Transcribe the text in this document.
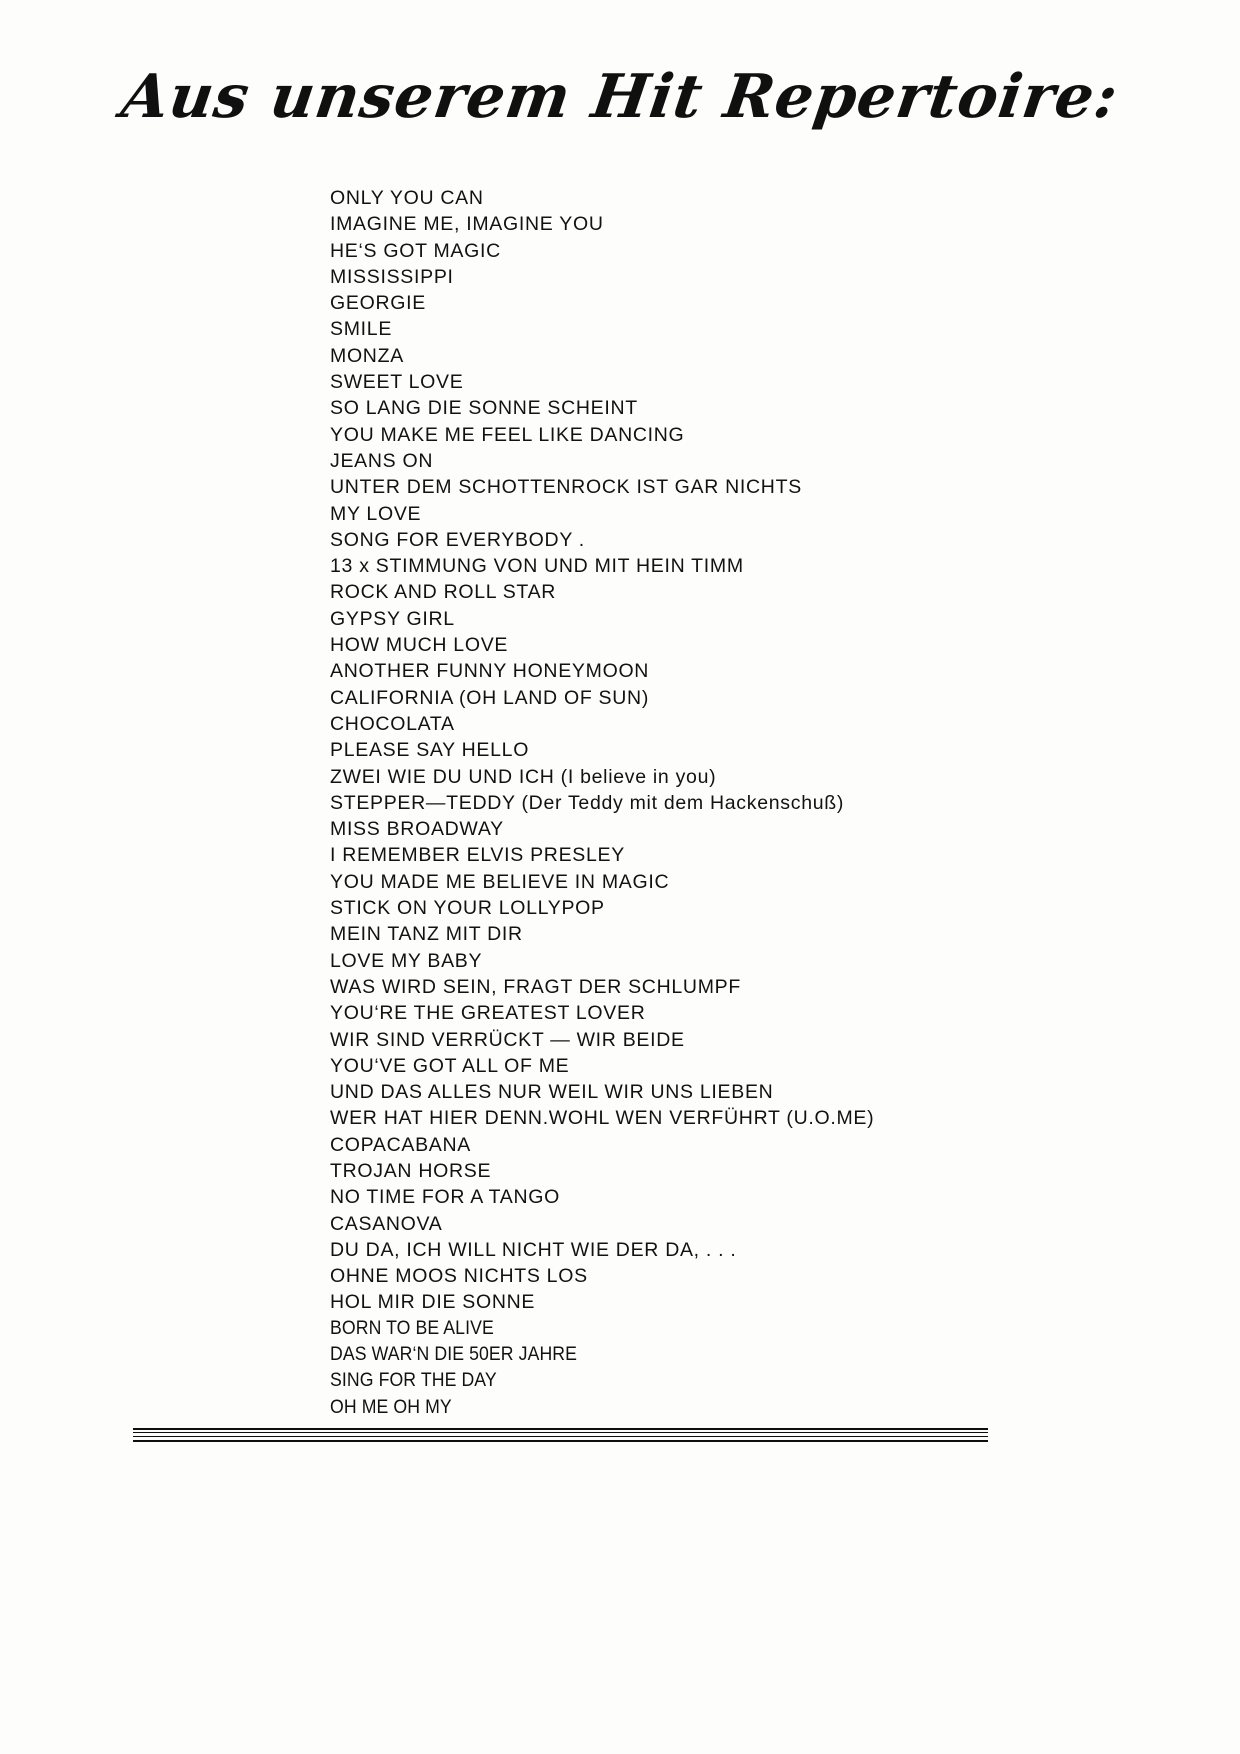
Aus unserem Hit Repertoire:
ONLY YOU CAN
IMAGINE ME, IMAGINE YOU
HE‘S GOT MAGIC
MISSISSIPPI
GEORGIE
SMILE
MONZA
SWEET LOVE
SO LANG DIE SONNE SCHEINT
YOU MAKE ME FEEL LIKE DANCING
JEANS ON
UNTER DEM SCHOTTENROCK IST GAR NICHTS
MY LOVE
SONG FOR EVERYBODY .
13 x STIMMUNG VON UND MIT HEIN TIMM
ROCK AND ROLL STAR
GYPSY GIRL
HOW MUCH LOVE
ANOTHER FUNNY HONEYMOON
CALIFORNIA (OH LAND OF SUN)
CHOCOLATA
PLEASE SAY HELLO
ZWEI WIE DU UND ICH (I believe in you)
STEPPER—TEDDY (Der Teddy mit dem Hackenschuß)
MISS BROADWAY
I REMEMBER ELVIS PRESLEY
YOU MADE ME BELIEVE IN MAGIC
STICK ON YOUR LOLLYPOP
MEIN TANZ MIT DIR
LOVE MY BABY
WAS WIRD SEIN, FRAGT DER SCHLUMPF
YOU‘RE THE GREATEST LOVER
WIR SIND VERRÜCKT — WIR BEIDE
YOU‘VE GOT ALL OF ME
UND DAS ALLES NUR WEIL WIR UNS LIEBEN
WER HAT HIER DENN.WOHL WEN VERFÜHRT (U.O.ME)
COPACABANA
TROJAN HORSE
NO TIME FOR A TANGO
CASANOVA
DU DA, ICH WILL NICHT WIE DER DA, . . .
OHNE MOOS NICHTS LOS
HOL MIR DIE SONNE
BORN TO BE ALIVE
DAS WAR‘N DIE 50ER JAHRE
SING FOR THE DAY
OH ME OH MY
